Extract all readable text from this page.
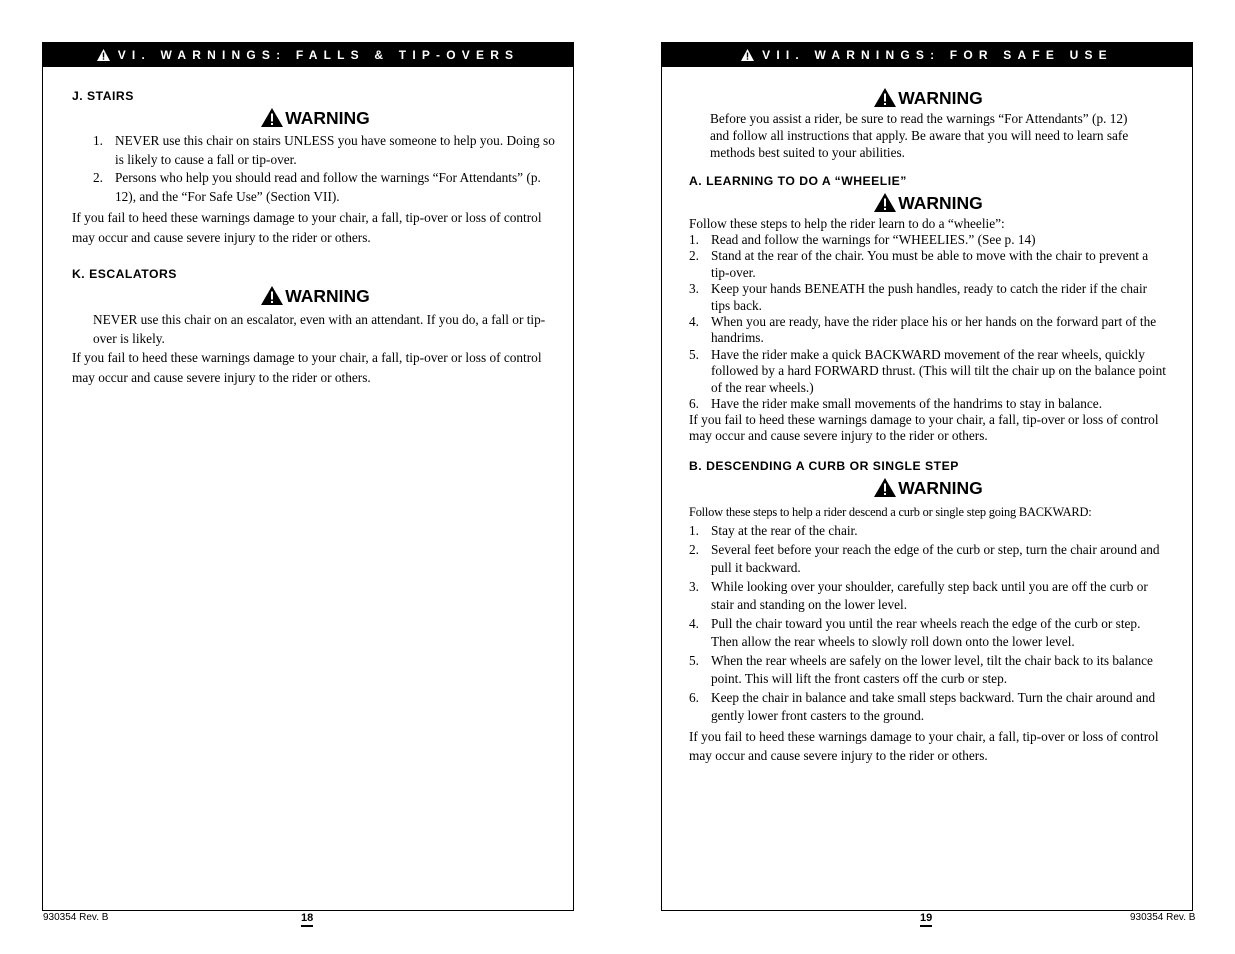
VI. WARNINGS: FALLS & TIP-OVERS
J. STAIRS
WARNING
1. NEVER use this chair on stairs UNLESS you have someone to help you. Doing so is likely to cause a fall or tip-over.
2. Persons who help you should read and follow the warnings “For Attendants” (p. 12), and the “For Safe Use” (Section VII).
If you fail to heed these warnings damage to your chair, a fall, tip-over or loss of control may occur and cause severe injury to the rider or others.
K. ESCALATORS
WARNING
NEVER use this chair on an escalator, even with an attendant. If you do, a fall or tip-over is likely.
If you fail to heed these warnings damage to your chair, a fall, tip-over or loss of control may occur and cause severe injury to the rider or others.
VII. WARNINGS: FOR SAFE USE
WARNING
Before you assist a rider, be sure to read the warnings “For Attendants” (p. 12) and follow all instructions that apply. Be aware that you will need to learn safe methods best suited to your abilities.
A. LEARNING TO DO A “WHEELIE”
WARNING
Follow these steps to help the rider learn to do a “wheelie”:
1. Read and follow the warnings for “WHEELIES.” (See p. 14)
2. Stand at the rear of the chair. You must be able to move with the chair to prevent a tip-over.
3. Keep your hands BENEATH the push handles, ready to catch the rider if the chair tips back.
4. When you are ready, have the rider place his or her hands on the forward part of the handrims.
5. Have the rider make a quick BACKWARD movement of the rear wheels, quickly followed by a hard FORWARD thrust. (This will tilt the chair up on the balance point of the rear wheels.)
6. Have the rider make small movements of the handrims to stay in balance.
If you fail to heed these warnings damage to your chair, a fall, tip-over or loss of control may occur and cause severe injury to the rider or others.
B. DESCENDING A CURB OR SINGLE STEP
WARNING
Follow these steps to help a rider descend a curb or single step going BACKWARD:
1. Stay at the rear of the chair.
2. Several feet before your reach the edge of the curb or step, turn the chair around and pull it backward.
3. While looking over your shoulder, carefully step back until you are off the curb or stair and standing on the lower level.
4. Pull the chair toward you until the rear wheels reach the edge of the curb or step. Then allow the rear wheels to slowly roll down onto the lower level.
5. When the rear wheels are safely on the lower level, tilt the chair back to its balance point. This will lift the front casters off the curb or step.
6. Keep the chair in balance and take small steps backward. Turn the chair around and gently lower front casters to the ground.
If you fail to heed these warnings damage to your chair, a fall, tip-over or loss of control may occur and cause severe injury to the rider or others.
930354 Rev. B	18	19	930354 Rev. B
